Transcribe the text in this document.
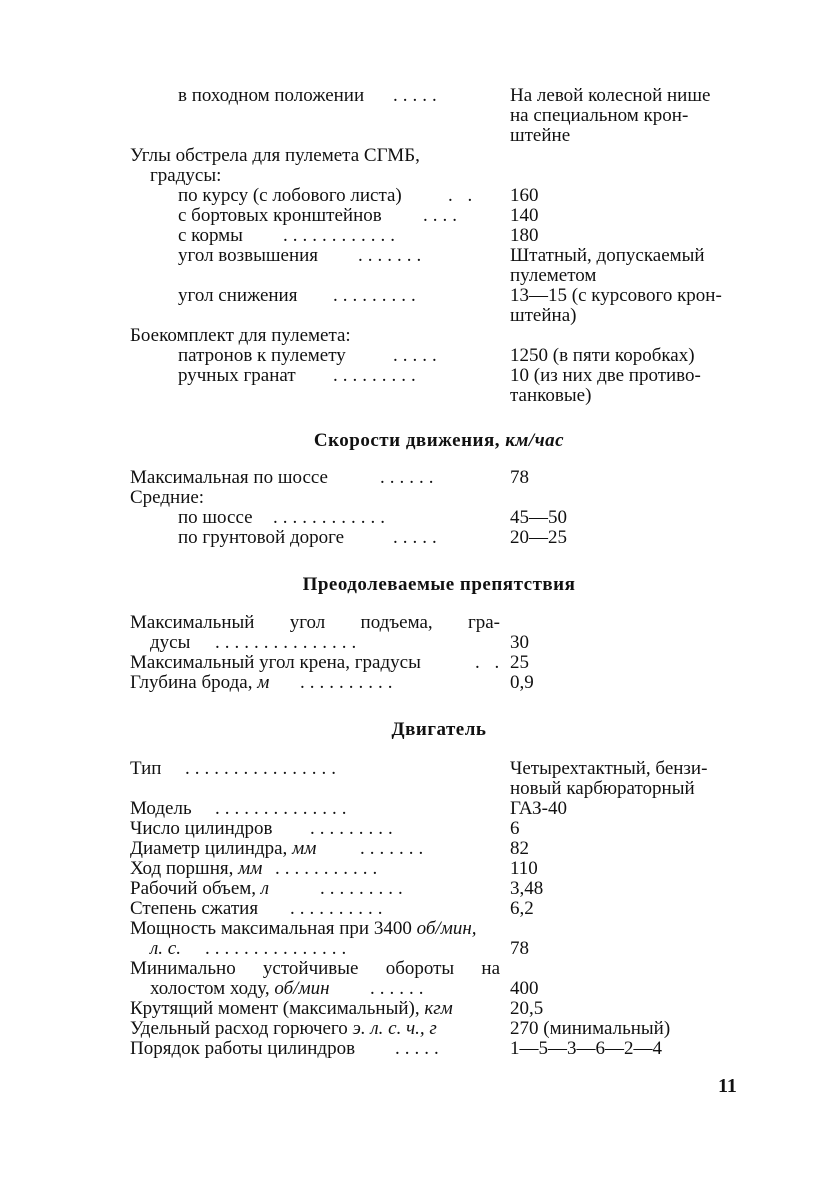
в походном положении .....	На левой колесной нише
на специальном крон-
штейне
Углы обстрела для пулемета СГМБ,
градусы:
по курсу (с лобового листа) . .	160
с бортовых кронштейнов ....	140
с кормы ............	180
угол возвышения .......	Штатный, допускаемый
пулеметом
угол снижения .........	13—15 (с курсового крон-
штейна)
Боекомплект для пулемета:
патронов к пулемету .....	1250 (в пяти коробках)
ручных гранат .........	10 (из них две противо-
танковые)
Скорости движения, км/час
Максимальная по шоссе	......	78
Средние:
по шоссе ............	45—50
по грунтовой дороге	.....	20—25
Преодолеваемые препятствия
Максимальный угол подъема, гра-
дусы ...............	30
Максимальный угол крена, градусы	. . 25
Глубина брода, м ..........	0,9
Двигатель
Тип ................	Четырехтактный, бензи-
новый карбюраторный
Модель ..............	ГАЗ-40
Число цилиндров .........	6
Диаметр цилиндра, мм .......	82
Ход поршня, мм ...........	110
Рабочий объем, л	.........	3,48
Степень сжатия ..........	6,2
Мощность максимальная при 3400 об/мин,
л. с. ...............	78
Минимально устойчивые обороты на
холостом ходу, об/мин ......	400
Крутящий момент (максимальный), кгм	20,5
Удельный расход горючего э. л. с. ч., г	270 (минимальный)
Порядок работы цилиндров .....	1—5—3—6—2—4
11
